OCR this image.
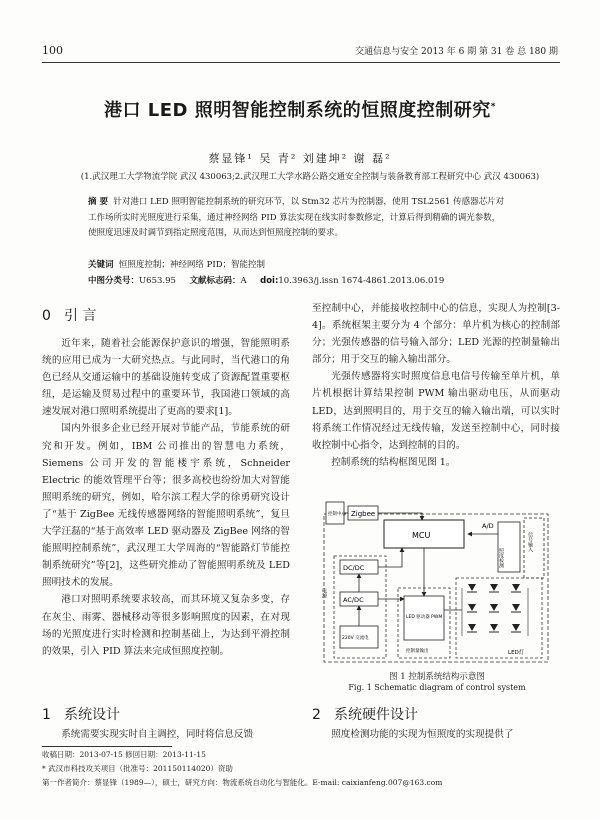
100	交通信息与安全 2013 年 6 期 第 31 卷 总 180 期
港口 LED 照明智能控制系统的恒照度控制研究*
蔡显锋¹ 吴 青² 刘建坤² 谢 磊²
(1.武汉理工大学物流学院 武汉 430063;2.武汉理工大学水路公路交通安全控制与装备教育部工程研究中心 武汉 430063)
摘 要 针对港口 LED 照明智能控制系统的研究环节，以 Stm32 芯片为控制器，使用 TSL2561 传感器芯片对工作场所实时光照度进行采集，通过神经网络 PID 算法实现在线实时参数修定，计算后得到精确的调光参数，使照度迅速及时调节到指定照度范围，从而达到恒照度控制的要求。
关键词 恒照度控制；神经网络 PID；智能控制
中图分类号：U653.95 文献标志码：A doi:10.3963/j.issn 1674-4861.2013.06.019
0 引 言

近年来，随着社会能源保护意识的增强，智能照明系统的应用已成为一大研究热点。与此同时，当代港口的角色已经从交通运输中的基础设施转变成了资源配置重要枢纽，是运输及贸易过程中的重要环节，我国港口领域的高速发展对港口照明系统提出了更高的要求[1]。

国内外很多企业已经开展对节能产品，节能系统的研究和开发。例如，IBM 公司推出的智慧电力系统，Siemens 公司开发的智能楼宇系统，Schneider Electric 的能效管理平台等；很多高校也纷纷加大对智能照明系统的研究，例如，哈尔滨工程大学的徐勇研究设计了“基于 ZigBee 无线传感器网络的智能照明系统”，复旦大学汪磊的“基于高效率 LED 驱动器及 ZigBee 网络的智能照明控制系统”，武汉理工大学周海的“智能路灯节能控制系统研究”等[2]，这些研究推动了智能照明系统及 LED 照明技术的发展。

港口对照明系统要求较高，而其环境又复杂多变，存在灰尘、雨雾、器械移动等很多影响照度的因素，在对现场的光照度进行实时检测和控制基础上，为达到平滑控制的效果，引入 PID 算法来完成恒照度控制。

1 系统设计

系统需要实现实时自主调控，同时将信息反馈

至控制中心，并能接收控制中心的信息，实现人为控制[3-4]。系统框架主要分为 4 个部分：单片机为核心的控制部分；光强传感器的信号输入部分；LED 光源的控制量输出部分；用于交互的输入输出部分。

光强传感器将实时照度信息电信号传输至单片机，单片机根据计算结果控制 PWM 输出驱动电压，从而驱动 LED，达到照明目的，用于交互的输入输出端，可以实时将系统工作情况经过无线传输，发送至控制中心，同时接收控制中心指令，达到控制的目的。

控制系统的结构框图见图 1。

控制中心 Zigbee
MCU
A/D
照度检测
信号输入
电源
DC/DC
AC/DC
220V 交流电
LED 驱动器 PWM
控制量输出	LED灯
图 1 控制系统结构示意图
Fig. 1 Schematic diagram of control system
2 系统硬件设计

照度检测功能的实现为恒照度的实现提供了

收稿日期：2013-07-15 修回日期：2013-11-15
* 武汉市科技攻关项目（批准号：201150114020）资助
第一作者简介：蔡显锋（1989—），硕士，研究方向：物流系统自动化与智能化。E-mail: caixianfeng.007@163.com
